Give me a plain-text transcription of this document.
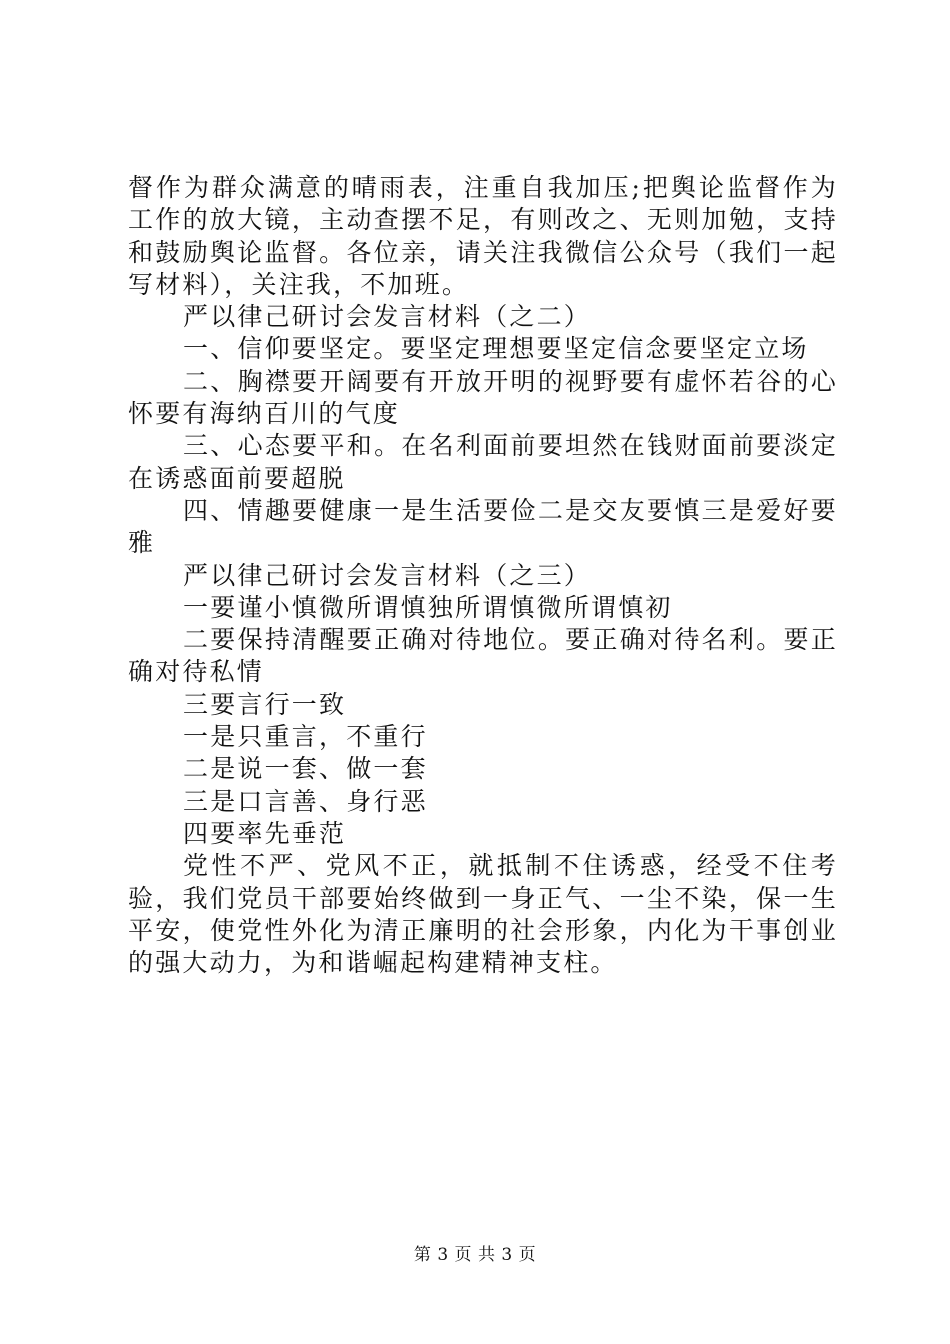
督作为群众满意的晴雨表，注重自我加压;把舆论监督作为工作的放大镜，主动查摆不足，有则改之、无则加勉，支持和鼓励舆论监督。各位亲，请关注我微信公众号（我们一起写材料），关注我，不加班。

严以律己研讨会发言材料（之二）

一、信仰要坚定。要坚定理想要坚定信念要坚定立场

二、胸襟要开阔要有开放开明的视野要有虚怀若谷的心怀要有海纳百川的气度

三、心态要平和。在名利面前要坦然在钱财面前要淡定在诱惑面前要超脱

四、情趣要健康一是生活要俭二是交友要慎三是爱好要雅

严以律己研讨会发言材料（之三）

一要谨小慎微所谓慎独所谓慎微所谓慎初

二要保持清醒要正确对待地位。要正确对待名利。要正确对待私情

三要言行一致

一是只重言，不重行

二是说一套、做一套

三是口言善、身行恶

四要率先垂范

党性不严、党风不正，就抵制不住诱惑，经受不住考验，我们党员干部要始终做到一身正气、一尘不染，保一生平安，使党性外化为清正廉明的社会形象，内化为干事创业的强大动力，为和谐崛起构建精神支柱。

第 3 页 共 3 页
